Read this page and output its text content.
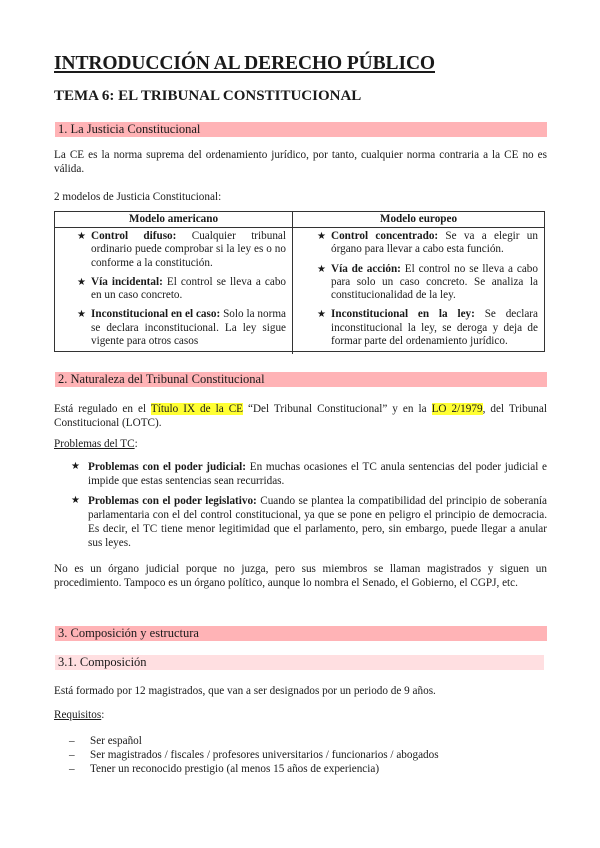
INTRODUCCIÓN AL DERECHO PÚBLICO
TEMA 6: EL TRIBUNAL CONSTITUCIONAL
1. La Justicia Constitucional
La CE es la norma suprema del ordenamiento jurídico, por tanto, cualquier norma contraria a la CE no es válida.
2 modelos de Justicia Constitucional:
Modelo americano
★ Control difuso: Cualquier tribunal ordinario puede comprobar si la ley es o no conforme a la constitución.
★ Vía incidental: El control se lleva a cabo en un caso concreto.
★ Inconstitucional en el caso: Solo la norma se declara inconstitucional. La ley sigue vigente para otros casos
Modelo europeo
★ Control concentrado: Se va a elegir un órgano para llevar a cabo esta función.
★ Vía de acción: El control no se lleva a cabo para solo un caso concreto. Se analiza la constitucionalidad de la ley.
★ Inconstitucional en la ley: Se declara inconstitucional la ley, se deroga y deja de formar parte del ordenamiento jurídico.
2. Naturaleza del Tribunal Constitucional
Está regulado en el Título IX de la CE “Del Tribunal Constitucional” y en la LO 2/1979, del Tribunal Constitucional (LOTC).
Problemas del TC:
★ Problemas con el poder judicial: En muchas ocasiones el TC anula sentencias del poder judicial e impide que estas sentencias sean recurridas.
★ Problemas con el poder legislativo: Cuando se plantea la compatibilidad del principio de soberanía parlamentaria con el del control constitucional, ya que se pone en peligro el principio de democracia. Es decir, el TC tiene menor legitimidad que el parlamento, pero, sin embargo, puede llegar a anular sus leyes.
No es un órgano judicial porque no juzga, pero sus miembros se llaman magistrados y siguen un procedimiento. Tampoco es un órgano político, aunque lo nombra el Senado, el Gobierno, el CGPJ, etc.
3. Composición y estructura
3.1. Composición
Está formado por 12 magistrados, que van a ser designados por un periodo de 9 años.
Requisitos:
– Ser español
– Ser magistrados / fiscales / profesores universitarios / funcionarios / abogados
– Tener un reconocido prestigio (al menos 15 años de experiencia)
